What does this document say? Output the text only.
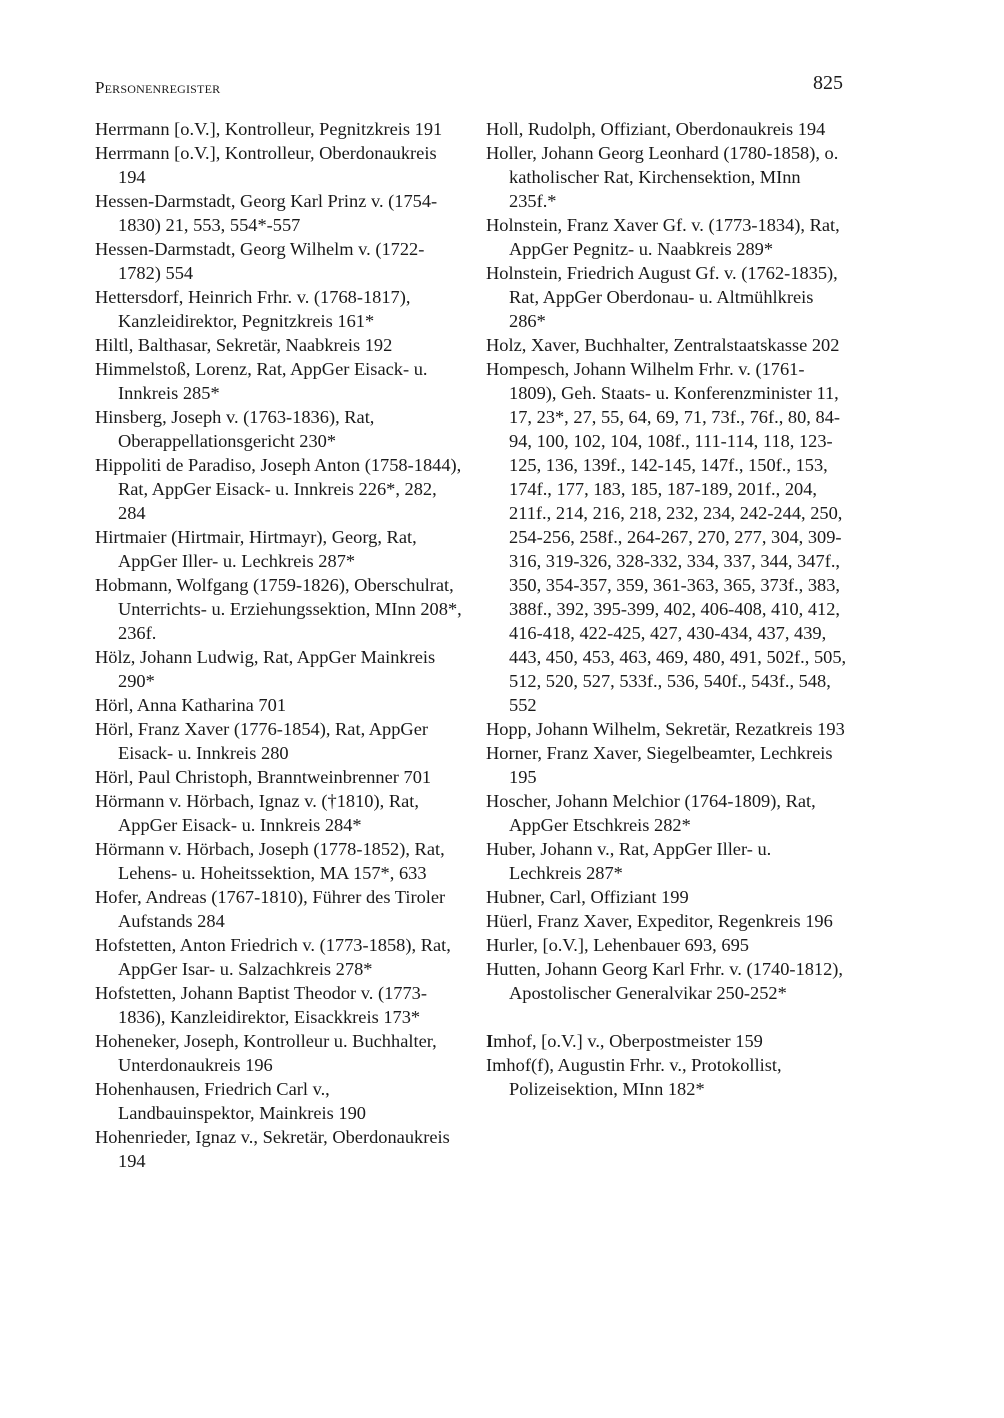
Personenregister	825

Herrmann [o.V.], Kontrolleur, Pegnitzkreis 191

Herrmann [o.V.], Kontrolleur, Oberdonaukreis 194

Hessen-Darmstadt, Georg Karl Prinz v. (1754-1830) 21, 553, 554*-557

Hessen-Darmstadt, Georg Wilhelm v. (1722-1782) 554

Hettersdorf, Heinrich Frhr. v. (1768-1817), Kanzleidirektor, Pegnitzkreis 161*

Hiltl, Balthasar, Sekretär, Naabkreis 192

Himmelstoß, Lorenz, Rat, AppGer Eisack- u. Innkreis 285*

Hinsberg, Joseph v. (1763-1836), Rat, Oberappellationsgericht 230*

Hippoliti de Paradiso, Joseph Anton (1758-1844), Rat, AppGer Eisack- u. Innkreis 226*, 282, 284

Hirtmaier (Hirtmair, Hirtmayr), Georg, Rat, AppGer Iller- u. Lechkreis 287*

Hobmann, Wolfgang (1759-1826), Oberschulrat, Unterrichts- u. Erziehungssektion, MInn 208*, 236f.

Hölz, Johann Ludwig, Rat, AppGer Mainkreis 290*

Hörl, Anna Katharina 701

Hörl, Franz Xaver (1776-1854), Rat, AppGer Eisack- u. Innkreis 280

Hörl, Paul Christoph, Branntweinbrenner 701

Hörmann v. Hörbach, Ignaz v. (†1810), Rat, AppGer Eisack- u. Innkreis 284*

Hörmann v. Hörbach, Joseph (1778-1852), Rat, Lehens- u. Hoheitssektion, MA 157*, 633

Hofer, Andreas (1767-1810), Führer des Tiroler Aufstands 284

Hofstetten, Anton Friedrich v. (1773-1858), Rat, AppGer Isar- u. Salzachkreis 278*

Hofstetten, Johann Baptist Theodor v. (1773-1836), Kanzleidirektor, Eisackkreis 173*

Hoheneker, Joseph, Kontrolleur u. Buchhalter, Unterdonaukreis 196

Hohenhausen, Friedrich Carl v., Landbauinspektor, Mainkreis 190

Hohenrieder, Ignaz v., Sekretär, Oberdonaukreis 194

Holl, Rudolph, Offiziant, Oberdonaukreis 194

Holler, Johann Georg Leonhard (1780-1858), o. katholischer Rat, Kirchensektion, MInn 235f.*

Holnstein, Franz Xaver Gf. v. (1773-1834), Rat, AppGer Pegnitz- u. Naabkreis 289*

Holnstein, Friedrich August Gf. v. (1762-1835), Rat, AppGer Oberdonau- u. Altmühlkreis 286*

Holz, Xaver, Buchhalter, Zentralstaatskasse 202

Hompesch, Johann Wilhelm Frhr. v. (1761-1809), Geh. Staats- u. Konferenzminister 11, 17, 23*, 27, 55, 64, 69, 71, 73f., 76f., 80, 84-94, 100, 102, 104, 108f., 111-114, 118, 123-125, 136, 139f., 142-145, 147f., 150f., 153, 174f., 177, 183, 185, 187-189, 201f., 204, 211f., 214, 216, 218, 232, 234, 242-244, 250, 254-256, 258f., 264-267, 270, 277, 304, 309-316, 319-326, 328-332, 334, 337, 344, 347f., 350, 354-357, 359, 361-363, 365, 373f., 383, 388f., 392, 395-399, 402, 406-408, 410, 412, 416-418, 422-425, 427, 430-434, 437, 439, 443, 450, 453, 463, 469, 480, 491, 502f., 505, 512, 520, 527, 533f., 536, 540f., 543f., 548, 552

Hopp, Johann Wilhelm, Sekretär, Rezatkreis 193

Horner, Franz Xaver, Siegelbeamter, Lechkreis 195

Hoscher, Johann Melchior (1764-1809), Rat, AppGer Etschkreis 282*

Huber, Johann v., Rat, AppGer Iller- u. Lechkreis 287*

Hubner, Carl, Offiziant 199

Hüerl, Franz Xaver, Expeditor, Regenkreis 196

Hurler, [o.V.], Lehenbauer 693, 695

Hutten, Johann Georg Karl Frhr. v. (1740-1812), Apostolischer Generalvikar 250-252*

Imhof, [o.V.] v., Oberpostmeister 159

Imhof(f), Augustin Frhr. v., Protokollist, Polizeisektion, MInn 182*
